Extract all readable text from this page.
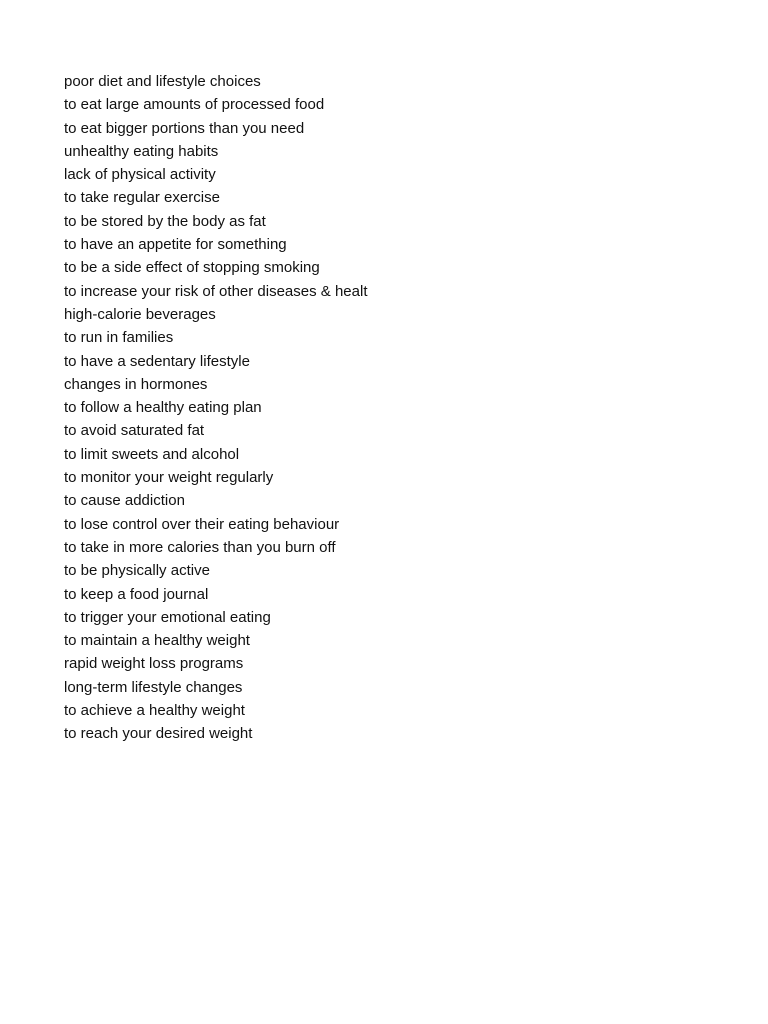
poor diet and lifestyle choices
to eat large amounts of processed food
to eat bigger portions than you need
unhealthy eating habits
lack of physical activity
to take regular exercise
to be stored by the body as fat
to have an appetite for something
to be a side effect of stopping smoking
to increase your risk of other diseases & healt
high-calorie beverages
to run in families
to have a sedentary lifestyle
changes in hormones
to follow a healthy eating plan
to avoid saturated fat
to limit sweets and alcohol
to monitor your weight regularly
to cause addiction
to lose control over their eating behaviour
to take in more calories than you burn off
to be physically active
to keep a food journal
to trigger your emotional eating
to maintain a healthy weight
rapid weight loss programs
long-term lifestyle changes
to achieve a healthy weight
to reach your desired weight
